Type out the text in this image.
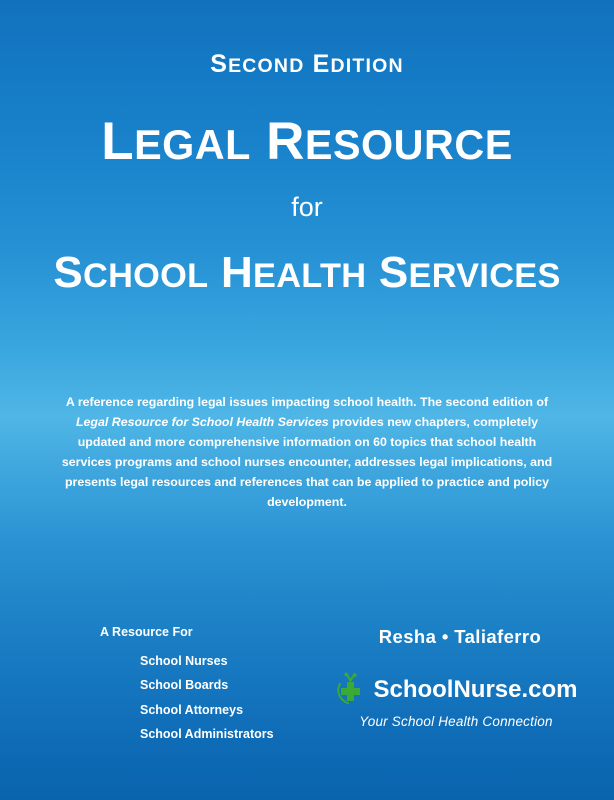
SECOND EDITION
LEGAL RESOURCE
for
SCHOOL HEALTH SERVICES
A reference regarding legal issues impacting school health. The second edition of Legal Resource for School Health Services provides new chapters, completely updated and more comprehensive information on 60 topics that school health services programs and school nurses encounter, addresses legal implications, and presents legal resources and references that can be applied to practice and policy development.
A Resource For
School Nurses
School Boards
School Attorneys
School Administrators
Resha • Taliaferro
SchoolNurse.com
Your School Health Connection
